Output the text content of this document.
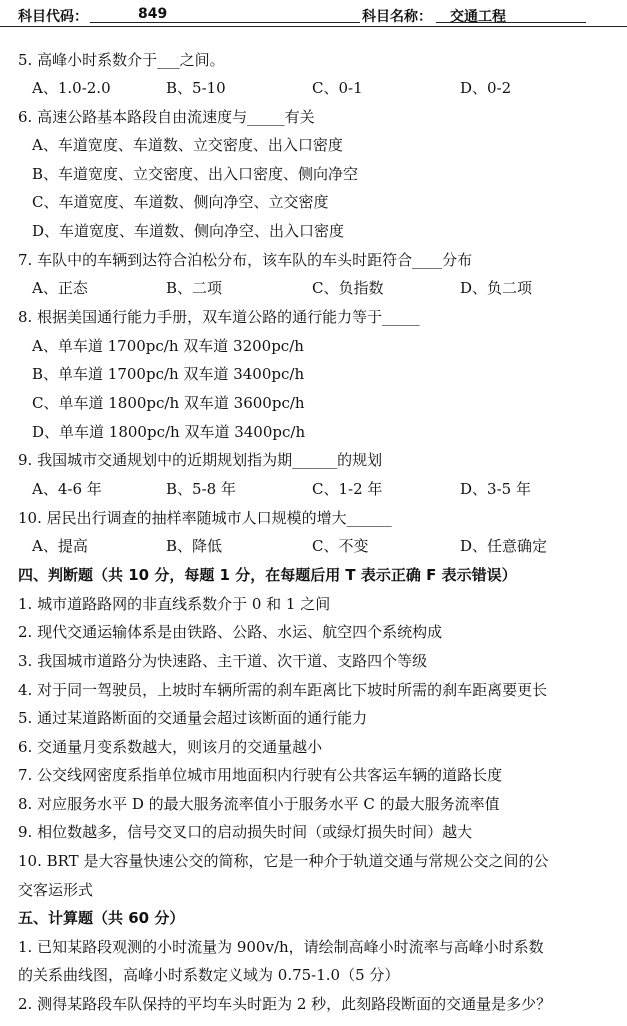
科目代码：	849	科目名称： 交通工程
5. 高峰小时系数介于___之间。
A、1.0-2.0	B、5-10	C、0-1	D、0-2
6. 高速公路基本路段自由流速度与_____有关
A、车道宽度、车道数、立交密度、出入口密度
B、车道宽度、立交密度、出入口密度、侧向净空
C、车道宽度、车道数、侧向净空、立交密度
D、车道宽度、车道数、侧向净空、出入口密度
7. 车队中的车辆到达符合泊松分布，该车队的车头时距符合____分布
A、正态	B、二项	C、负指数	D、负二项
8. 根据美国通行能力手册，双车道公路的通行能力等于_____
A、单车道 1700pc/h 双车道 3200pc/h
B、单车道 1700pc/h 双车道 3400pc/h
C、单车道 1800pc/h 双车道 3600pc/h
D、单车道 1800pc/h 双车道 3400pc/h
9. 我国城市交通规划中的近期规划指为期______的规划
A、4-6 年	B、5-8 年	C、1-2 年	D、3-5 年
10. 居民出行调查的抽样率随城市人口规模的增大______
A、提高	B、降低	C、不变	D、任意确定
四、判断题（共 10 分，每题 1 分，在每题后用 T 表示正确 F 表示错误）
1. 城市道路路网的非直线系数介于 0 和 1 之间
2. 现代交通运输体系是由铁路、公路、水运、航空四个系统构成
3. 我国城市道路分为快速路、主干道、次干道、支路四个等级
4. 对于同一驾驶员，上坡时车辆所需的刹车距离比下坡时所需的刹车距离要更长
5. 通过某道路断面的交通量会超过该断面的通行能力
6. 交通量月变系数越大，则该月的交通量越小
7. 公交线网密度系指单位城市用地面积内行驶有公共客运车辆的道路长度
8. 对应服务水平 D 的最大服务流率值小于服务水平 C 的最大服务流率值
9. 相位数越多，信号交叉口的启动损失时间（或绿灯损失时间）越大
10. BRT 是大容量快速公交的简称，它是一种介于轨道交通与常规公交之间的公
交客运形式
五、计算题（共 60 分）
1. 已知某路段观测的小时流量为 900v/h，请绘制高峰小时流率与高峰小时系数
的关系曲线图，高峰小时系数定义域为 0.75-1.0（5 分）
2. 测得某路段车队保持的平均车头时距为 2 秒，此刻路段断面的交通量是多少？
